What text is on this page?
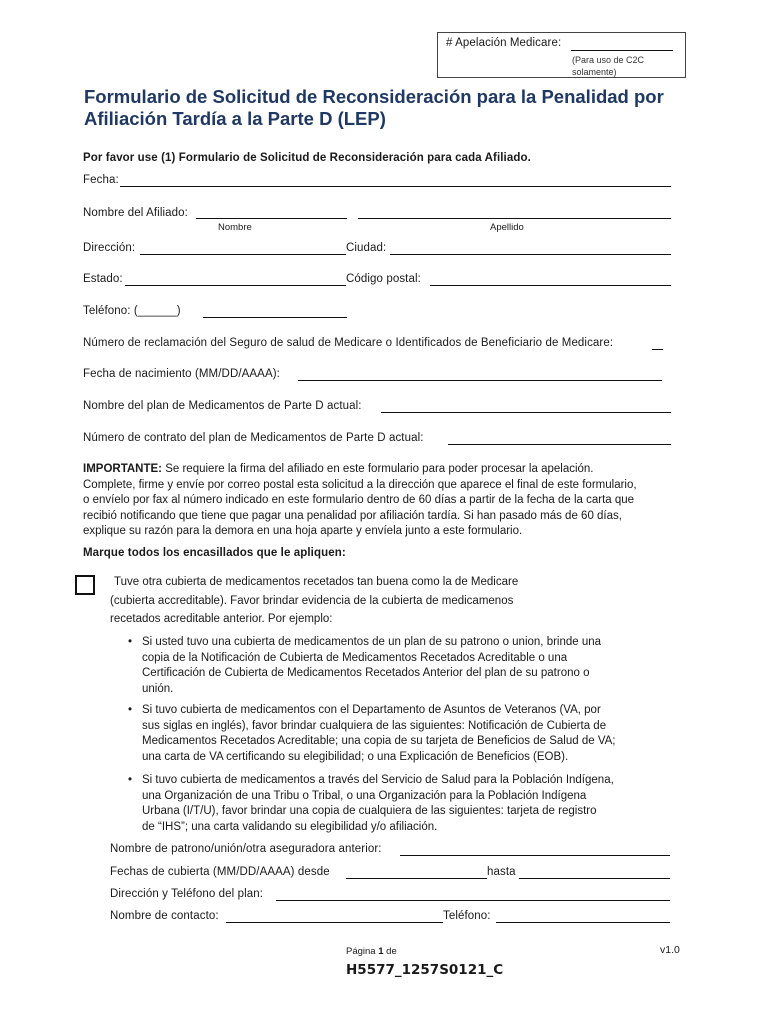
# Apelación Medicare:
(Para uso de C2C
solamente)
Formulario de Solicitud de Reconsideración para la Penalidad por
Afiliación Tardía a la Parte D (LEP)
Por favor use (1) Formulario de Solicitud de Reconsideración para cada Afiliado.
Fecha:
Nombre del Afiliado:
Nombre	Apellido
Dirección:	Ciudad:
Estado:	Código postal:
Teléfono: (______)
Número de reclamación del Seguro de salud de Medicare o Identificados de Beneficiario de Medicare:
Fecha de nacimiento (MM/DD/AAAA):
Nombre del plan de Medicamentos de Parte D actual:
Número de contrato del plan de Medicamentos de Parte D actual:
IMPORTANTE: Se requiere la firma del afiliado en este formulario para poder procesar la apelación.
Complete, firme y envíe por correo postal esta solicitud a la dirección que aparece el final de este formulario,
o envíelo por fax al número indicado en este formulario dentro de 60 días a partir de la fecha de la carta que
recibió notificando que tiene que pagar una penalidad por afiliación tardía. Si han pasado más de 60 días,
explique su razón para la demora en una hoja aparte y envíela junto a este formulario.
Marque todos los encasillados que le apliquen:
Tuve otra cubierta de medicamentos recetados tan buena como la de Medicare
(cubierta accreditable). Favor brindar evidencia de la cubierta de medicamenos
recetados acreditable anterior. Por ejemplo:
• Si usted tuvo una cubierta de medicamentos de un plan de su patrono o union, brinde una
copia de la Notificación de Cubierta de Medicamentos Recetados Acreditable o una
Certificación de Cubierta de Medicamentos Recetados Anterior del plan de su patrono o
unión.
• Si tuvo cubierta de medicamentos con el Departamento de Asuntos de Veteranos (VA, por
sus siglas en inglés), favor brindar cualquiera de las siguientes: Notificación de Cubierta de
Medicamentos Recetados Acreditable; una copia de su tarjeta de Beneficios de Salud de VA;
una carta de VA certificando su elegibilidad; o una Explicación de Beneficios (EOB).
• Si tuvo cubierta de medicamentos a través del Servicio de Salud para la Población Indígena,
una Organización de una Tribu o Tribal, o una Organización para la Población Indígena
Urbana (I/T/U), favor brindar una copia de cualquiera de las siguientes: tarjeta de registro
de “IHS”; una carta validando su elegibilidad y/o afiliación.
Nombre de patrono/unión/otra aseguradora anterior:
Fechas de cubierta (MM/DD/AAAA) desde	hasta
Dirección y Teléfono del plan:
Nombre de contacto:	Teléfono:
Página 1 de	v1.0
H5577_1257S0121_C
